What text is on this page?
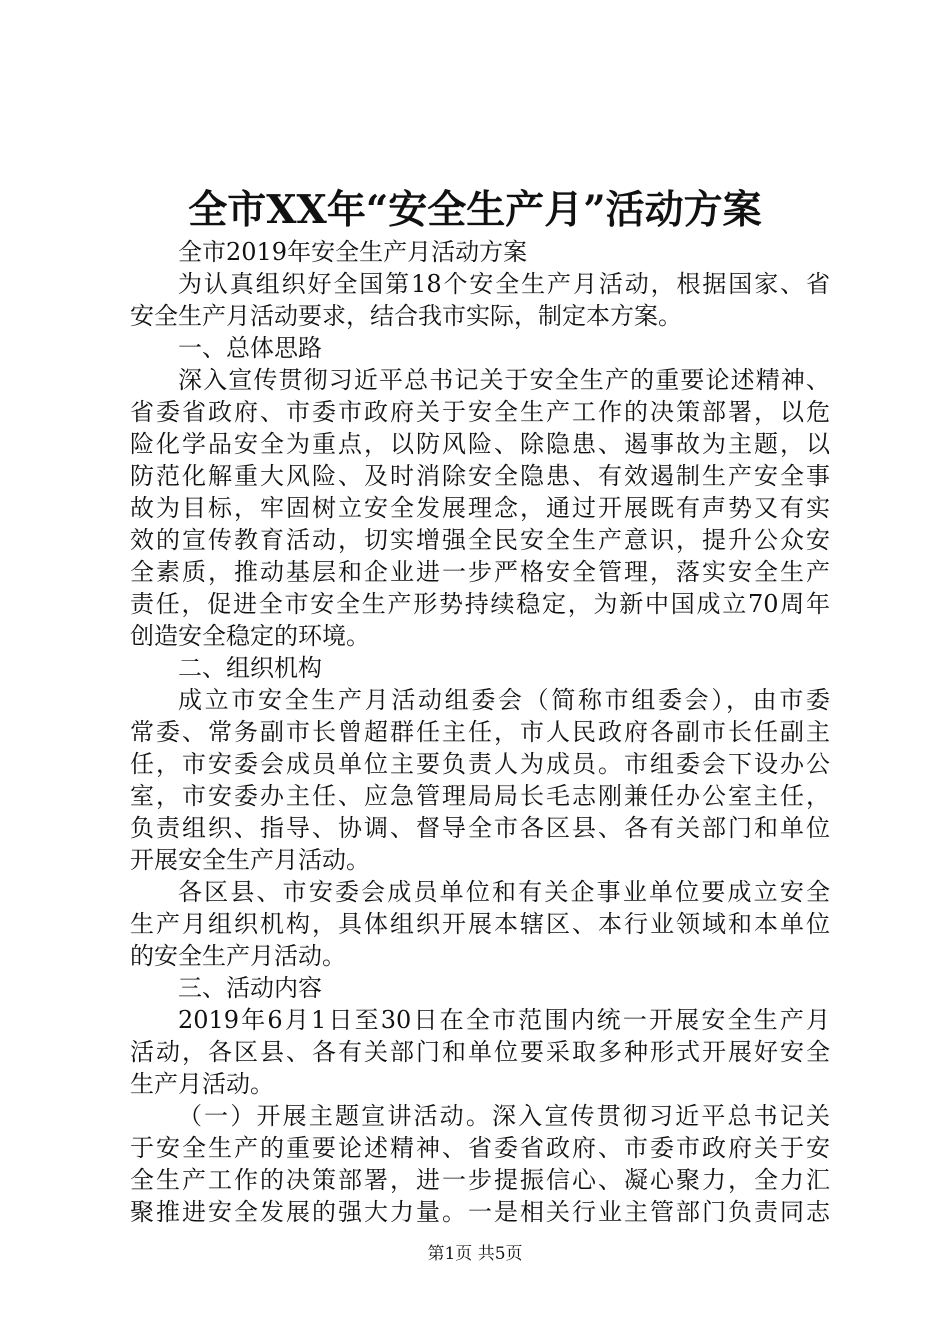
全市XX年“安全生产月”活动方案
全市2019年安全生产月活动方案
为认真组织好全国第18个安全生产月活动，根据国家、省
安全生产月活动要求，结合我市实际，制定本方案。
一、总体思路
深入宣传贯彻习近平总书记关于安全生产的重要论述精神、
省委省政府、市委市政府关于安全生产工作的决策部署，以危
险化学品安全为重点，以防风险、除隐患、遏事故为主题，以
防范化解重大风险、及时消除安全隐患、有效遏制生产安全事
故为目标，牢固树立安全发展理念，通过开展既有声势又有实
效的宣传教育活动，切实增强全民安全生产意识，提升公众安
全素质，推动基层和企业进一步严格安全管理，落实安全生产
责任，促进全市安全生产形势持续稳定，为新中国成立70周年
创造安全稳定的环境。
二、组织机构
成立市安全生产月活动组委会（简称市组委会），由市委
常委、常务副市长曾超群任主任，市人民政府各副市长任副主
任，市安委会成员单位主要负责人为成员。市组委会下设办公
室，市安委办主任、应急管理局局长毛志刚兼任办公室主任，
负责组织、指导、协调、督导全市各区县、各有关部门和单位
开展安全生产月活动。
各区县、市安委会成员单位和有关企事业单位要成立安全
生产月组织机构，具体组织开展本辖区、本行业领域和本单位
的安全生产月活动。
三、活动内容
2019年6月1日至30日在全市范围内统一开展安全生产月
活动，各区县、各有关部门和单位要采取多种形式开展好安全
生产月活动。
（一）开展主题宣讲活动。深入宣传贯彻习近平总书记关
于安全生产的重要论述精神、省委省政府、市委市政府关于安
全生产工作的决策部署，进一步提振信心、凝心聚力，全力汇
聚推进安全发展的强大力量。一是相关行业主管部门负责同志
第1页 共5页
